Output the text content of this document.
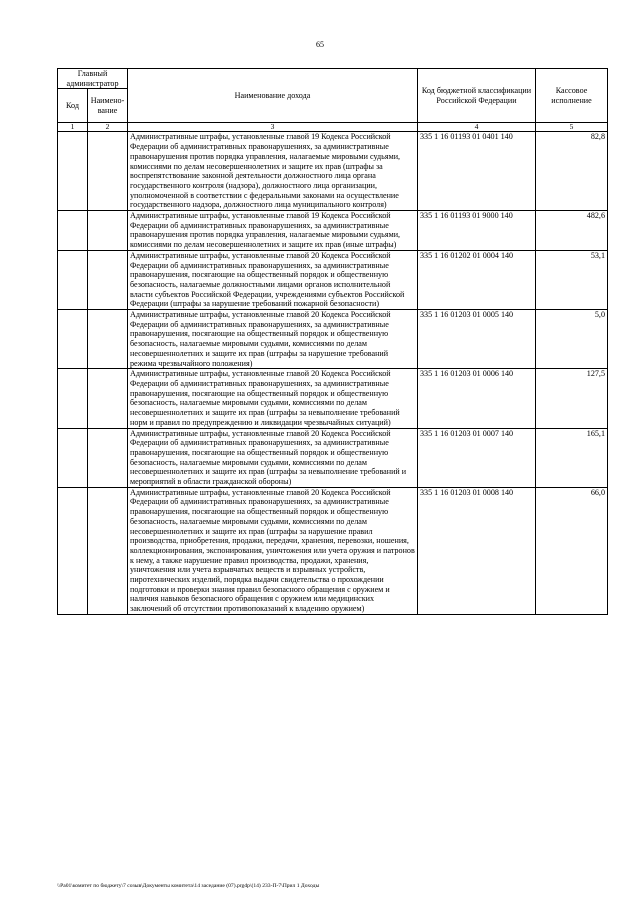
65
Главный администратор		Наименование дохода	Код бюджетной классификации Российской Федерации	Кассовое исполнение
Код	Наимено-вание			
1	2	3	4	5
		Административные штрафы, установленные главой 19 Кодекса Российской Федерации об административных правонарушениях, за административные правонарушения против порядка управления, налагаемые мировыми судьями, комиссиями по делам несовершеннолетних и защите их прав (штрафы за воспрепятствование законной деятельности должностного лица органа государственного контроля (надзора), должностного лица организации, уполномоченной в соответствии с федеральными законами на осуществление государственного надзора, должностного лица муниципального контроля)	335 1 16 01193 01 0401 140	82,8
		Административные штрафы, установленные главой 19 Кодекса Российской Федерации об административных правонарушениях, за административные правонарушения против порядка управления, налагаемые мировыми судьями, комиссиями по делам несовершеннолетних и защите их прав (иные штрафы)	335 1 16 01193 01 9000 140	482,6
		Административные штрафы, установленные главой 20 Кодекса Российской Федерации об административных правонарушениях, за административные правонарушения, посягающие на общественный порядок и общественную безопасность, налагаемые должностными лицами органов исполнительной власти субъектов Российской Федерации, учреждениями субъектов Российской Федерации (штрафы за нарушение требований пожарной безопасности)	335 1 16 01202 01 0004 140	53,1
		Административные штрафы, установленные главой 20 Кодекса Российской Федерации об административных правонарушениях, за административные правонарушения, посягающие на общественный порядок и общественную безопасность, налагаемые мировыми судьями, комиссиями по делам несовершеннолетних и защите их прав (штрафы за нарушение требований режима чрезвычайного положения)	335 1 16 01203 01 0005 140	5,0
		Административные штрафы, установленные главой 20 Кодекса Российской Федерации об административных правонарушениях, за административные правонарушения, посягающие на общественный порядок и общественную безопасность, налагаемые мировыми судьями, комиссиями по делам несовершеннолетних и защите их прав (штрафы за невыполнение требований норм и правил по предупреждению и ликвидации чрезвычайных ситуаций)	335 1 16 01203 01 0006 140	127,5
		Административные штрафы, установленные главой 20 Кодекса Российской Федерации об административных правонарушениях, за административные правонарушения, посягающие на общественный порядок и общественную безопасность, налагаемые мировыми судьями, комиссиями по делам несовершеннолетних и защите их прав (штрафы за невыполнение требований и мероприятий в области гражданской обороны)	335 1 16 01203 01 0007 140	165,1
		Административные штрафы, установленные главой 20 Кодекса Российской Федерации об административных правонарушениях, за административные правонарушения, посягающие на общественный порядок и общественную безопасность, налагаемые мировыми судьями, комиссиями по делам несовершеннолетних и защите их прав (штрафы за нарушение правил производства, приобретения, продажи, передачи, хранения, перевозки, ношения, коллекционирования, экспонирования, уничтожения или учета оружия и патронов к нему, а также нарушение правил производства, продажи, хранения, уничтожения или учета взрывчатых веществ и взрывных устройств, пиротехнических изделий, порядка выдачи свидетельства о прохождении подготовки и проверки знания правил безопасного обращения с оружием и наличия навыков безопасного обращения с оружием или медицинских заключений об отсутствии противопоказаний к владению оружием)	335 1 16 01203 01 0008 140	66,0
\\Pa01\комитет по бюджету\7 созыв\Документы комитета\14 заседание (07).prgdp\(14) 233-П-7\Прил 1 Доходы
